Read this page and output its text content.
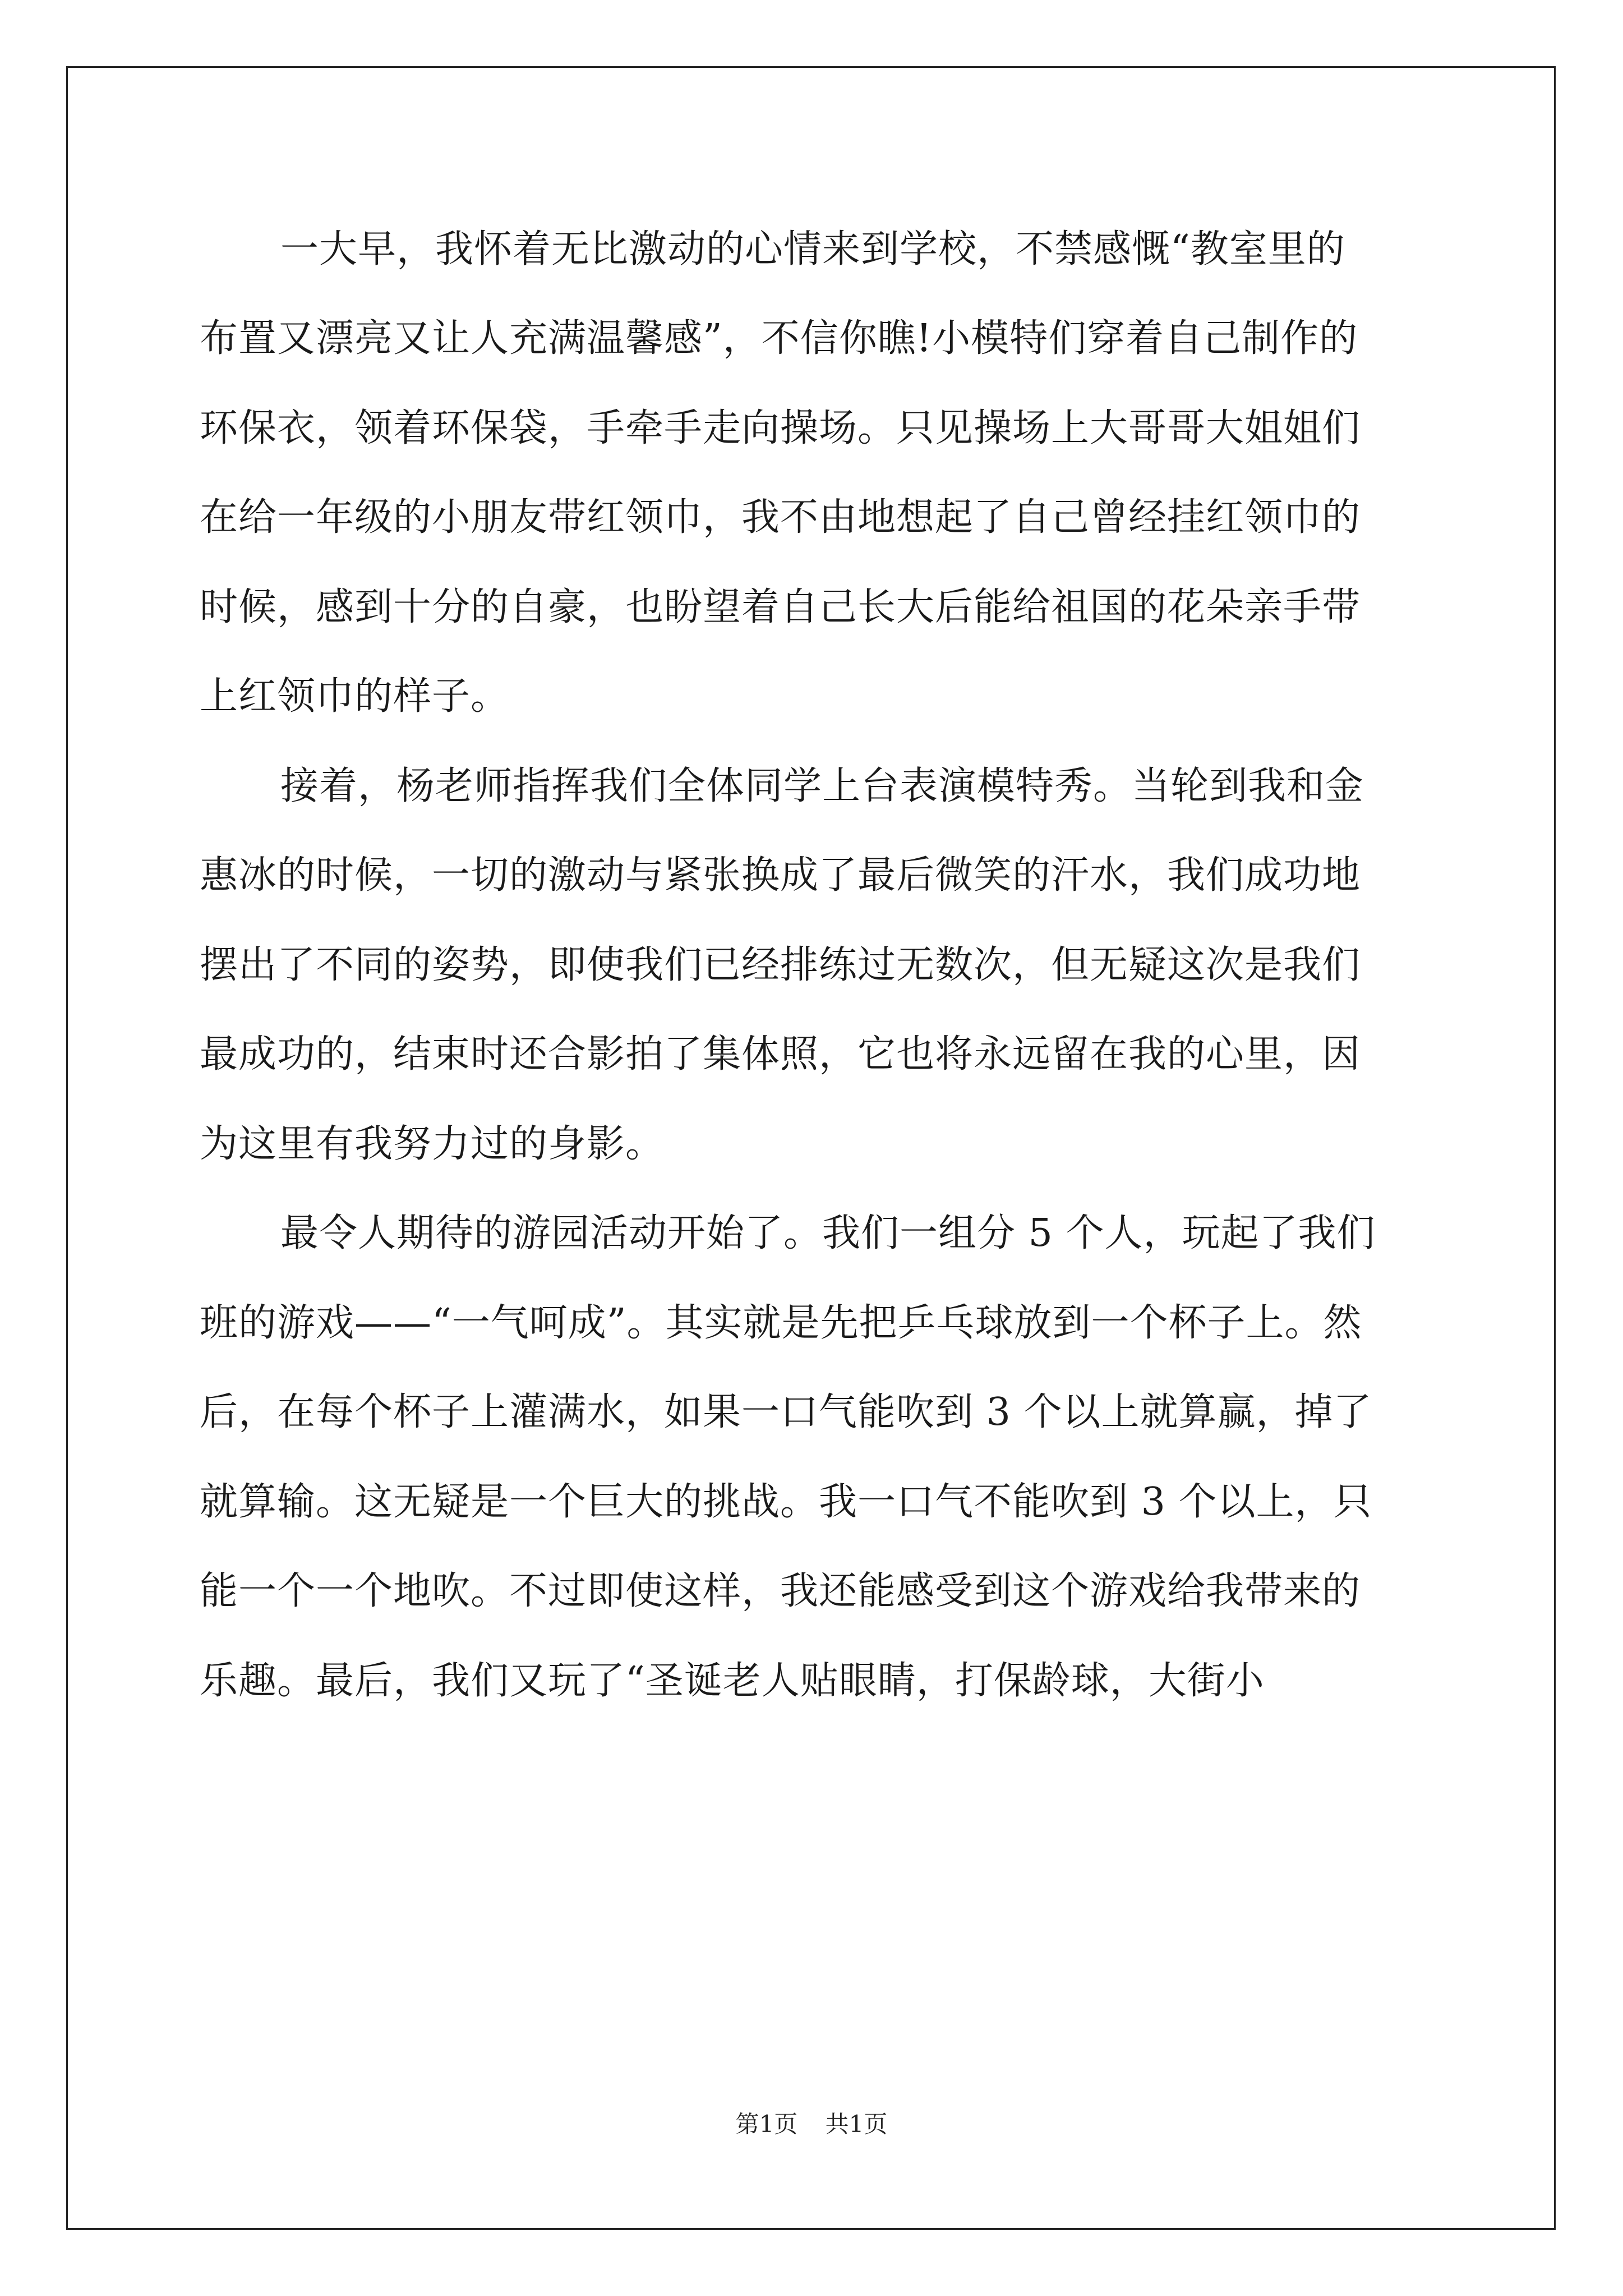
一大早，我怀着无比激动的心情来到学校，不禁感慨“教室里的
布置又漂亮又让人充满温馨感”，不信你瞧!小模特们穿着自己制作的
环保衣，领着环保袋，手牵手走向操场。只见操场上大哥哥大姐姐们
在给一年级的小朋友带红领巾，我不由地想起了自己曾经挂红领巾的
时候，感到十分的自豪，也盼望着自己长大后能给祖国的花朵亲手带
上红领巾的样子。
接着，杨老师指挥我们全体同学上台表演模特秀。当轮到我和金
惠冰的时候，一切的激动与紧张换成了最后微笑的汗水，我们成功地
摆出了不同的姿势，即使我们已经排练过无数次，但无疑这次是我们
最成功的，结束时还合影拍了集体照，它也将永远留在我的心里，因
为这里有我努力过的身影。
最令人期待的游园活动开始了。我们一组分 5 个人，玩起了我们
班的游戏——“一气呵成”。其实就是先把乒乓球放到一个杯子上。然
后，在每个杯子上灌满水，如果一口气能吹到 3 个以上就算赢，掉了
就算输。这无疑是一个巨大的挑战。我一口气不能吹到 3 个以上，只
能一个一个地吹。不过即使这样，我还能感受到这个游戏给我带来的
乐趣。最后，我们又玩了“圣诞老人贴眼睛，打保龄球，大街小
第1页 共1页
